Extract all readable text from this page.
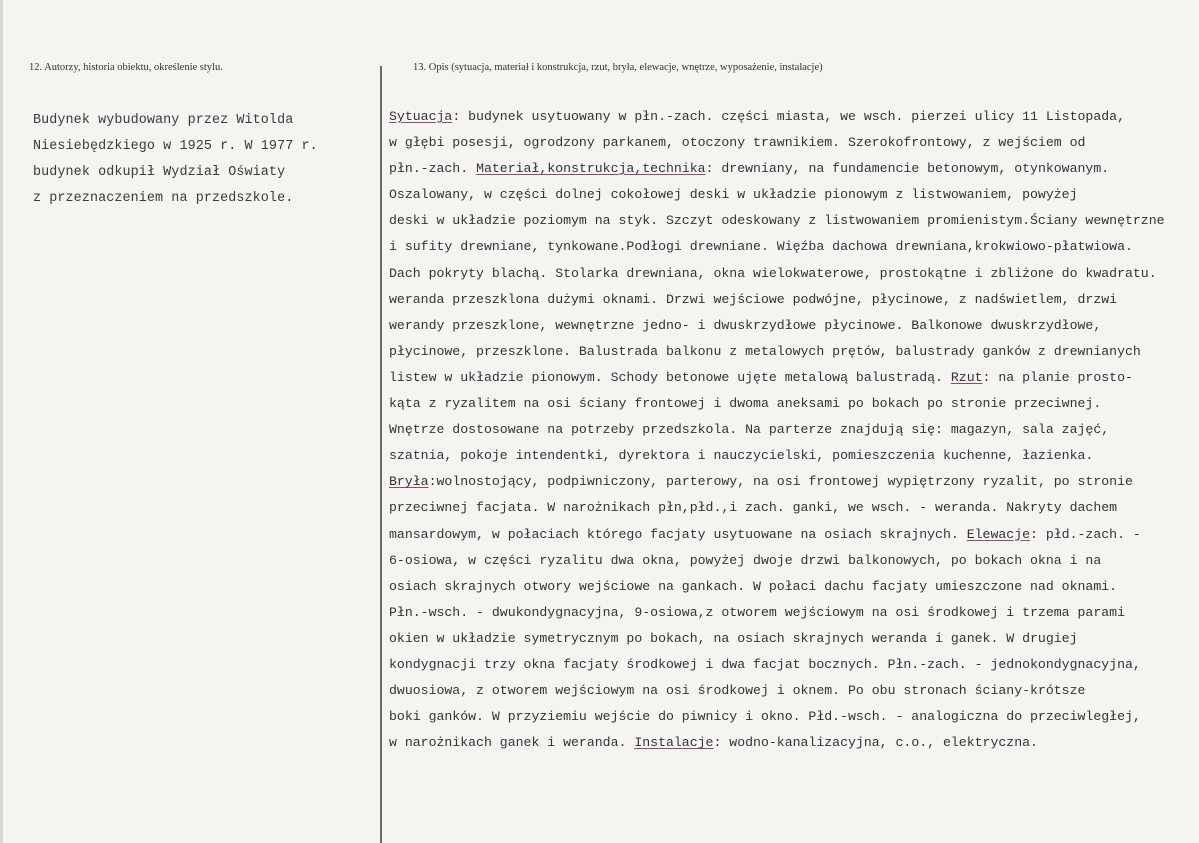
12. Autorzy, historia obiektu, określenie stylu.	13. Opis (sytuacja, materiał i konstrukcja, rzut, bryła, elewacje, wnętrze, wyposażenie, instalacje)
Budynek wybudowany przez Witolda
Niesiebędzkiego w 1925 r. W 1977 r.
budynek odkupił Wydział Oświaty
z przeznaczeniem na przedszkole.
Sytuacja: budynek usytuowany w płn.-zach. części miasta, we wsch. pierzei ulicy 11 Listopada,
w głębi posesji, ogrodzony parkanem, otoczony trawnikiem. Szerokofrontowy, z wejściem od
płn.-zach. Materiał,konstrukcja,technika: drewniany, na fundamencie betonowym, otynkowanym.
Oszalowany, w części dolnej cokołowej deski w układzie pionowym z listwowaniem, powyżej
deski w układzie poziomym na styk. Szczyt odeskowany z listwowaniem promienistym.Ściany wewnętrzne
i sufity drewniane, tynkowane.Podłogi drewniane. Więźba dachowa drewniana,krokwiowo-płatwiowa.
Dach pokryty blachą. Stolarka drewniana, okna wielokwaterowe, prostokątne i zbliżone do kwadratu.
weranda przeszklona dużymi oknami. Drzwi wejściowe podwójne, płycinowe, z nadświetlem, drzwi
werandy przeszklone, wewnętrzne jedno- i dwuskrzydłowe płycinowe. Balkonowe dwuskrzydłowe,
płycinowe, przeszklone. Balustrada balkonu z metalowych prętów, balustrady ganków z drewnianych
listew w układzie pionowym. Schody betonowe ujęte metalową balustradą. Rzut: na planie prosto-
kąta z ryzalitem na osi ściany frontowej i dwoma aneksami po bokach po stronie przeciwnej.
Wnętrze dostosowane na potrzeby przedszkola. Na parterze znajdują się: magazyn, sala zajęć,
szatnia, pokoje intendentki, dyrektora i nauczycielski, pomieszczenia kuchenne, łazienka.
Bryła:wolnostojący, podpiwniczony, parterowy, na osi frontowej wypiętrzony ryzalit, po stronie
przeciwnej facjata. W narożnikach płn,płd.,i zach. ganki, we wsch. - weranda. Nakryty dachem
mansardowym, w połaciach którego facjaty usytuowane na osiach skrajnych. Elewacje: płd.-zach. -
6-osiowa, w części ryzalitu dwa okna, powyżej dwoje drzwi balkonowych, po bokach okna i na
osiach skrajnych otwory wejściowe na gankach. W połaci dachu facjaty umieszczone nad oknami.
Płn.-wsch. - dwukondygnacyjna, 9-osiowa,z otworem wejściowym na osi środkowej i trzema parami
okien w układzie symetrycznym po bokach, na osiach skrajnych weranda i ganek. W drugiej
kondygnacji trzy okna facjaty środkowej i dwa facjat bocznych. Płn.-zach. - jednokondygnacyjna,
dwuosiowa, z otworem wejściowym na osi środkowej i oknem. Po obu stronach ściany-krótsze
boki ganków. W przyziemiu wejście do piwnicy i okno. Płd.-wsch. - analogiczna do przeciwległej,
w narożnikach ganek i weranda. Instalacje: wodno-kanalizacyjna, c.o., elektryczna.
